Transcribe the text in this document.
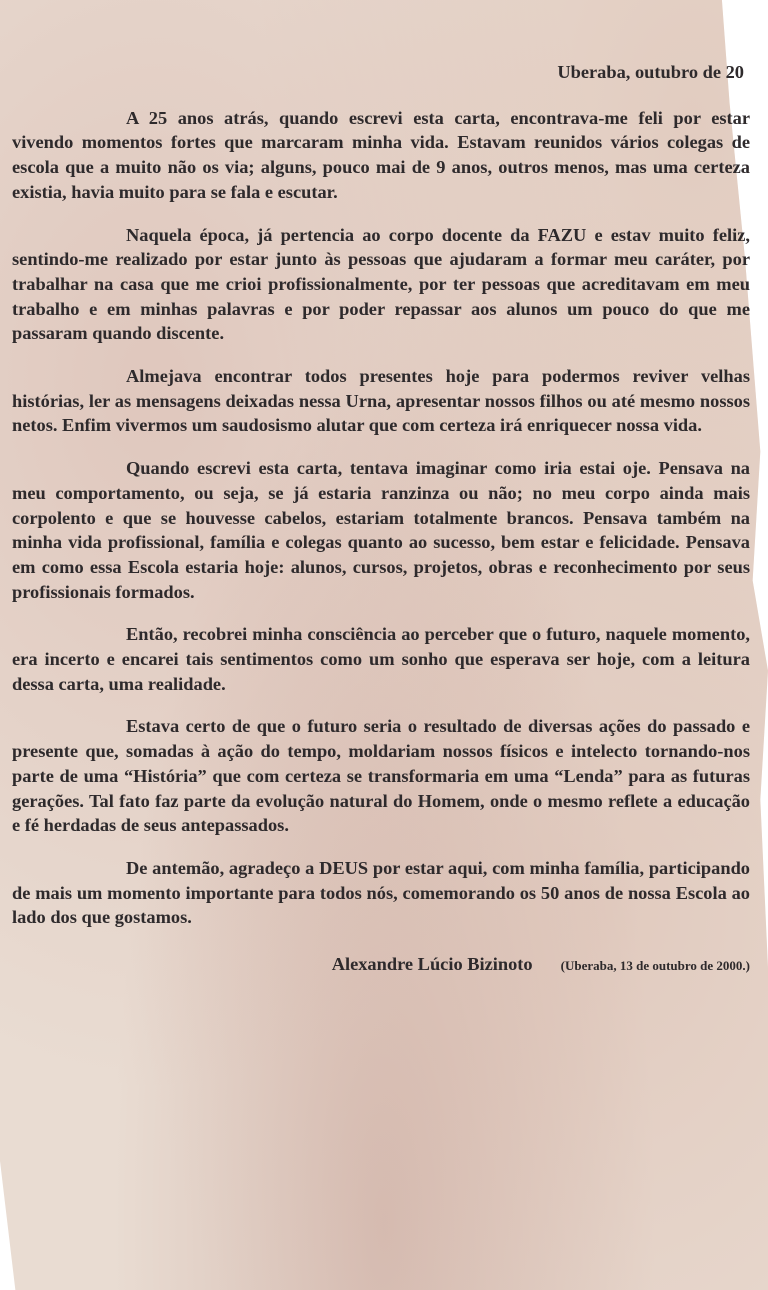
Uberaba, outubro de 20

A 25 anos atrás, quando escrevi esta carta, encontrava-me feli por estar vivendo momentos fortes que marcaram minha vida. Estavam reunidos vários colegas de escola que a muito não os via; alguns, pouco mai de 9 anos, outros menos, mas uma certeza existia, havia muito para se fala e escutar.

Naquela época, já pertencia ao corpo docente da FAZU e estav muito feliz, sentindo-me realizado por estar junto às pessoas que ajudaram a formar meu caráter, por trabalhar na casa que me crioi profissionalmente, por ter pessoas que acreditavam em meu trabalho e em minhas palavras e por poder repassar aos alunos um pouco do que me passaram quando discente.

Almejava encontrar todos presentes hoje para podermos reviver velhas histórias, ler as mensagens deixadas nessa Urna, apresentar nossos filhos ou até mesmo nossos netos. Enfim vivermos um saudosismo alutar que com certeza irá enriquecer nossa vida.

Quando escrevi esta carta, tentava imaginar como iria estai oje. Pensava na meu comportamento, ou seja, se já estaria ranzinza ou não; no meu corpo ainda mais corpolento e que se houvesse cabelos, estariam totalmente brancos. Pensava também na minha vida profissional, família e colegas quanto ao sucesso, bem estar e felicidade. Pensava em como essa Escola estaria hoje: alunos, cursos, projetos, obras e reconhecimento por seus profissionais formados.

Então, recobrei minha consciência ao perceber que o futuro, naquele momento, era incerto e encarei tais sentimentos como um sonho que esperava ser hoje, com a leitura dessa carta, uma realidade.

Estava certo de que o futuro seria o resultado de diversas ações do passado e presente que, somadas à ação do tempo, moldariam nossos físicos e intelecto tornando-nos parte de uma “História” que com certeza se transformaria em uma “Lenda” para as futuras gerações. Tal fato faz parte da evolução natural do Homem, onde o mesmo reflete a educação e fé herdadas de seus antepassados.

De antemão, agradeço a DEUS por estar aqui, com minha família, participando de mais um momento importante para todos nós, comemorando os 50 anos de nossa Escola ao lado dos que gostamos.

Alexandre Lúcio Bizinoto (Uberaba, 13 de outubro de 2000.)
